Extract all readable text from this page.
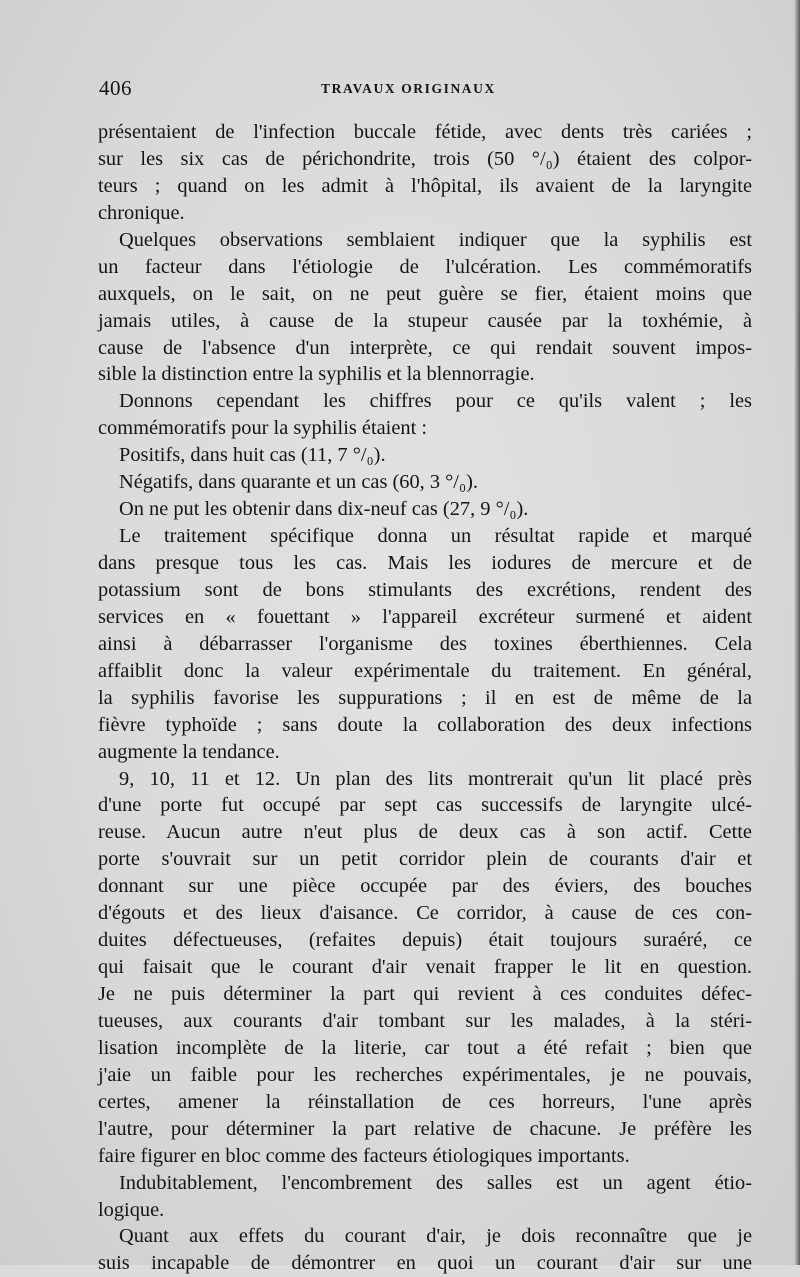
406	TRAVAUX ORIGINAUX
présentaient de l'infection buccale fétide, avec dents très cariées ;
sur les six cas de périchondrite, trois (50 °/₀) étaient des colpor-
teurs ; quand on les admit à l'hôpital, ils avaient de la laryngite
chronique.
Quelques observations semblaient indiquer que la syphilis est
un facteur dans l'étiologie de l'ulcération. Les commémoratifs
auxquels, on le sait, on ne peut guère se fier, étaient moins que
jamais utiles, à cause de la stupeur causée par la toxhémie, à
cause de l'absence d'un interprète, ce qui rendait souvent impos-
sible la distinction entre la syphilis et la blennorragie.
Donnons cependant les chiffres pour ce qu'ils valent ; les
commémoratifs pour la syphilis étaient :
Positifs, dans huit cas (11, 7 °/₀).
Négatifs, dans quarante et un cas (60, 3 °/₀).
On ne put les obtenir dans dix-neuf cas (27, 9 °/₀).
Le traitement spécifique donna un résultat rapide et marqué
dans presque tous les cas. Mais les iodures de mercure et de
potassium sont de bons stimulants des excrétions, rendent des
services en « fouettant » l'appareil excréteur surmené et aident
ainsi à débarrasser l'organisme des toxines éberthiennes. Cela
affaiblit donc la valeur expérimentale du traitement. En général,
la syphilis favorise les suppurations ; il en est de même de la
fièvre typhoïde ; sans doute la collaboration des deux infections
augmente la tendance.
9, 10, 11 et 12. Un plan des lits montrerait qu'un lit placé près
d'une porte fut occupé par sept cas successifs de laryngite ulcé-
reuse. Aucun autre n'eut plus de deux cas à son actif. Cette
porte s'ouvrait sur un petit corridor plein de courants d'air et
donnant sur une pièce occupée par des éviers, des bouches
d'égouts et des lieux d'aisance. Ce corridor, à cause de ces con-
duites défectueuses, (refaites depuis) était toujours suraéré, ce
qui faisait que le courant d'air venait frapper le lit en question.
Je ne puis déterminer la part qui revient à ces conduites défec-
tueuses, aux courants d'air tombant sur les malades, à la stéri-
lisation incomplète de la literie, car tout a été refait ; bien que
j'aie un faible pour les recherches expérimentales, je ne pouvais,
certes, amener la réinstallation de ces horreurs, l'une après
l'autre, pour déterminer la part relative de chacune. Je préfère les
faire figurer en bloc comme des facteurs étiologiques importants.
Indubitablement, l'encombrement des salles est un agent étio-
logique.
Quant aux effets du courant d'air, je dois reconnaître que je
suis incapable de démontrer en quoi un courant d'air sur une
